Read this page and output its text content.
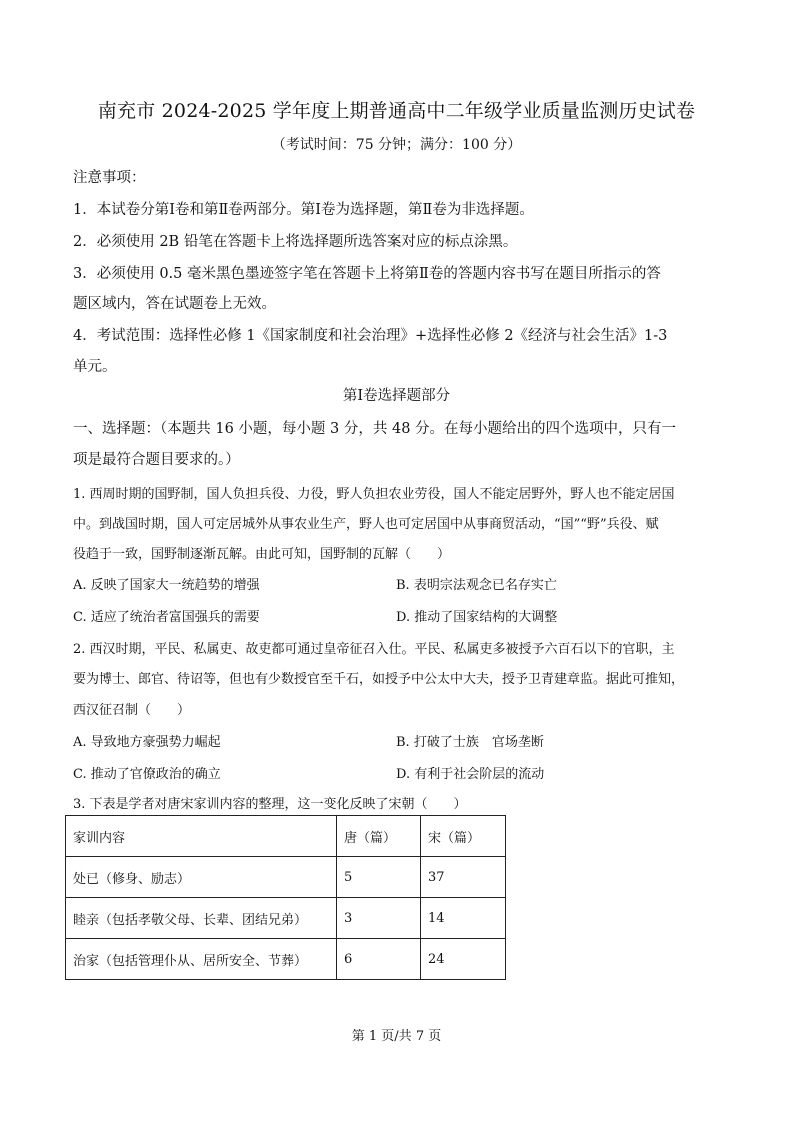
南充市 2024-2025 学年度上期普通高中二年级学业质量监测历史试卷
（考试时间：75 分钟；满分：100 分）
注意事项：
1．本试卷分第Ⅰ卷和第Ⅱ卷两部分。第Ⅰ卷为选择题，第Ⅱ卷为非选择题。
2．必须使用 2B 铅笔在答题卡上将选择题所选答案对应的标点涂黑。
3．必须使用 0.5 毫米黑色墨迹签字笔在答题卡上将第Ⅱ卷的答题内容书写在题目所指示的答
题区域内，答在试题卷上无效。
4．考试范围：选择性必修 1《国家制度和社会治理》+选择性必修 2《经济与社会生活》1-3
单元。
第Ⅰ卷选择题部分
一、选择题：（本题共 16 小题，每小题 3 分，共 48 分。在每小题给出的四个选项中，只有一
项是最符合题目要求的。）
1. 西周时期的国野制，国人负担兵役、力役，野人负担农业劳役，国人不能定居野外，野人也不能定居国
中。到战国时期，国人可定居城外从事农业生产，野人也可定居国中从事商贸活动，“国”“野”兵役、赋
役趋于一致，国野制逐渐瓦解。由此可知，国野制的瓦解（　　）
A. 反映了国家大一统趋势的增强	B. 表明宗法观念已名存实亡
C. 适应了统治者富国强兵的需要	D. 推动了国家结构的大调整
2. 西汉时期，平民、私属吏、故吏都可通过皇帝征召入仕。平民、私属吏多被授予六百石以下的官职，主
要为博士、郎官、待诏等，但也有少数授官至千石，如授予中公太中大夫，授予卫青建章监。据此可推知，
西汉征召制（　　）
A. 导致地方豪强势力崛起	B. 打破了士族　官场垄断
C. 推动了官僚政治的确立	D. 有利于社会阶层的流动
3. 下表是学者对唐宋家训内容的整理，这一变化反映了宋朝（　　）
家训内容	唐（篇）	宋（篇）
处已（修身、励志）	5	37
睦亲（包括孝敬父母、长辈、团结兄弟）	3	14
治家（包括管理仆从、居所安全、节葬）	6	24
第 1 页/共 7 页
